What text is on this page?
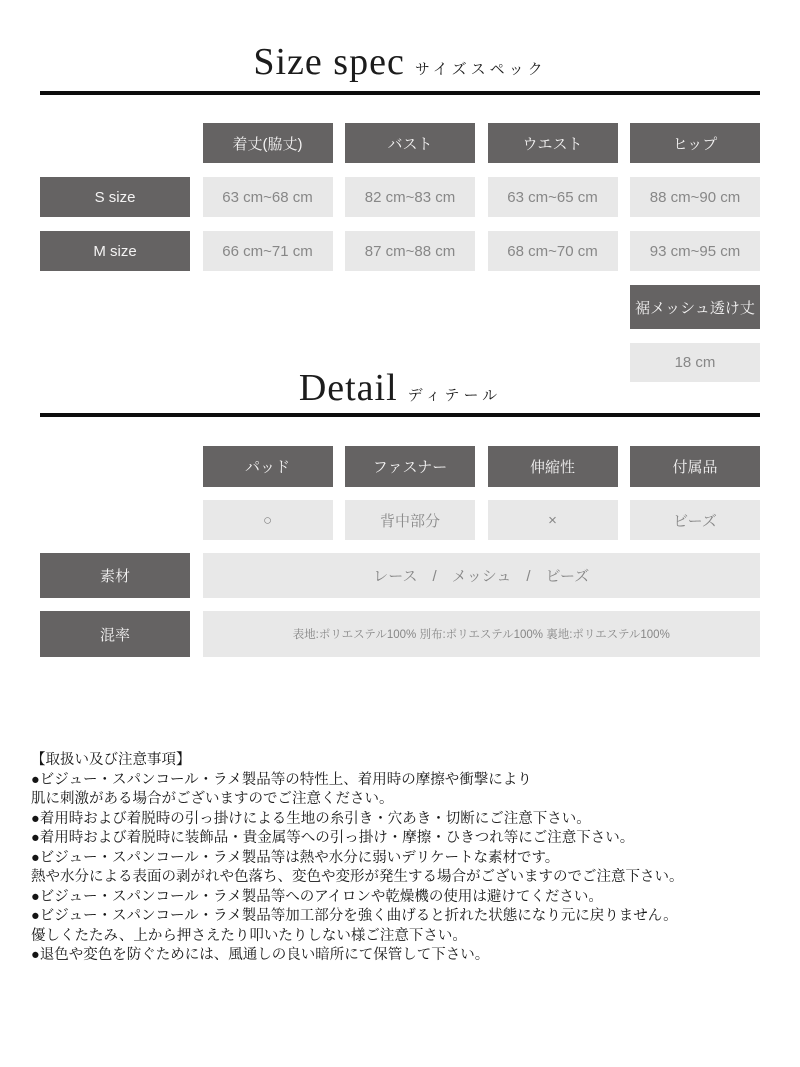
Size spec サイズスペック
着丈(脇丈)	バスト	ウエスト	ヒップ
S size	63 cm~68 cm	82 cm~83 cm	63 cm~65 cm	88 cm~90 cm
M size	66 cm~71 cm	87 cm~88 cm	68 cm~70 cm	93 cm~95 cm
裾メッシュ透け丈
18 cm
Detail ディテール
パッド	ファスナー	伸縮性	付属品
○	背中部分	×	ビーズ
素材	レース　/　メッシュ　/　ビーズ
混率	表地:ポリエステル100% 別布:ポリエステル100% 裏地:ポリエステル100%
【取扱い及び注意事項】
●ビジュー・スパンコール・ラメ製品等の特性上、着用時の摩擦や衝撃により
肌に刺激がある場合がございますのでご注意ください。
●着用時および着脱時の引っ掛けによる生地の糸引き・穴あき・切断にご注意下さい。
●着用時および着脱時に装飾品・貴金属等への引っ掛け・摩擦・ひきつれ等にご注意下さい。
●ビジュー・スパンコール・ラメ製品等は熱や水分に弱いデリケートな素材です。
熱や水分による表面の剥がれや色落ち、変色や変形が発生する場合がございますのでご注意下さい。
●ビジュー・スパンコール・ラメ製品等へのアイロンや乾燥機の使用は避けてください。
●ビジュー・スパンコール・ラメ製品等加工部分を強く曲げると折れた状態になり元に戻りません。
優しくたたみ、上から押さえたり叩いたりしない様ご注意下さい。
●退色や変色を防ぐためには、風通しの良い暗所にて保管して下さい。
